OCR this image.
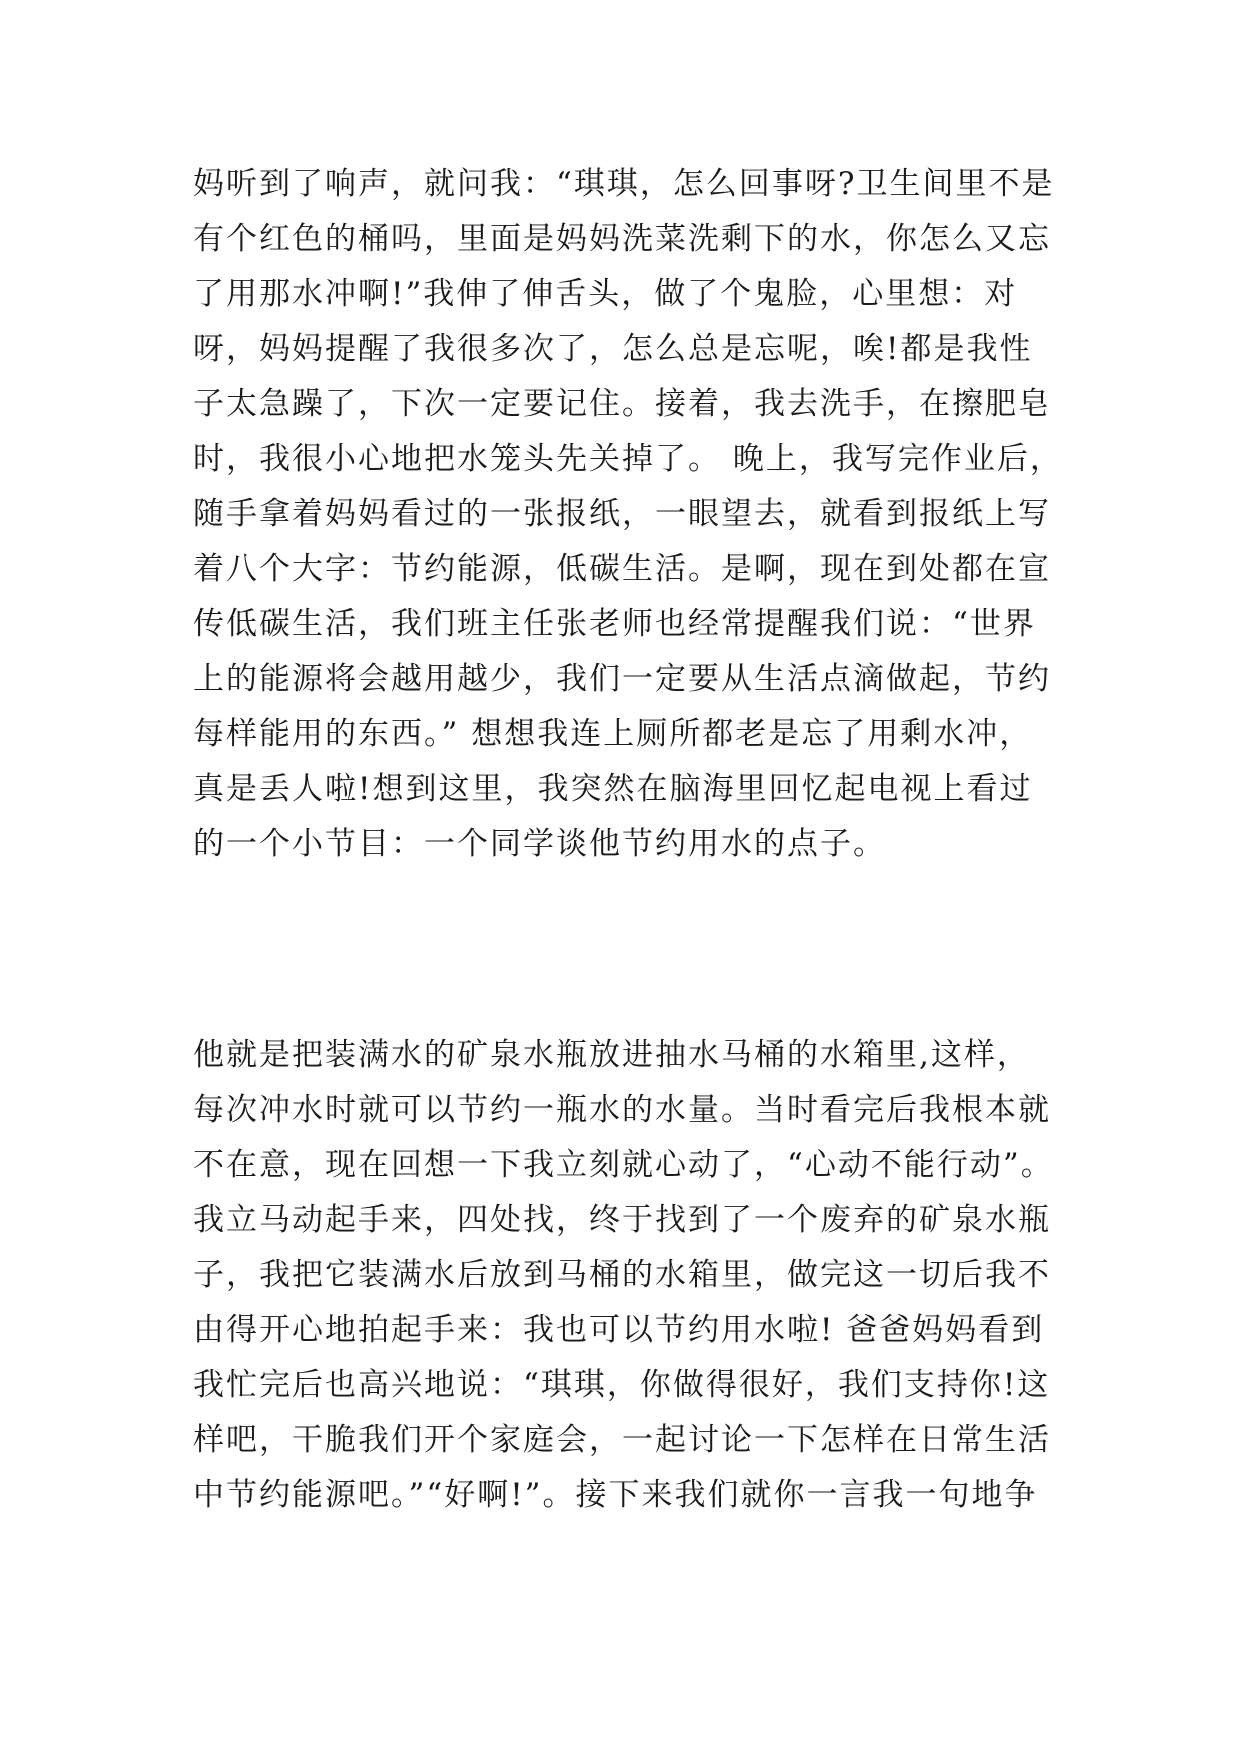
妈听到了响声，就问我：“琪琪，怎么回事呀?卫生间里不是
有个红色的桶吗，里面是妈妈洗菜洗剩下的水，你怎么又忘
了用那水冲啊!”我伸了伸舌头，做了个鬼脸，心里想：对
呀，妈妈提醒了我很多次了，怎么总是忘呢，唉!都是我性
子太急躁了，下次一定要记住。接着，我去洗手，在擦肥皂
时，我很小心地把水笼头先关掉了。 晚上，我写完作业后，
随手拿着妈妈看过的一张报纸，一眼望去，就看到报纸上写
着八个大字：节约能源，低碳生活。是啊，现在到处都在宣
传低碳生活，我们班主任张老师也经常提醒我们说：“世界
上的能源将会越用越少，我们一定要从生活点滴做起，节约
每样能用的东西。” 想想我连上厕所都老是忘了用剩水冲，
真是丢人啦!想到这里，我突然在脑海里回忆起电视上看过
的一个小节目：一个同学谈他节约用水的点子。
他就是把装满水的矿泉水瓶放进抽水马桶的水箱里,这样，
每次冲水时就可以节约一瓶水的水量。当时看完后我根本就
不在意，现在回想一下我立刻就心动了，“心动不能行动”。
我立马动起手来，四处找，终于找到了一个废弃的矿泉水瓶
子，我把它装满水后放到马桶的水箱里，做完这一切后我不
由得开心地拍起手来：我也可以节约用水啦! 爸爸妈妈看到
我忙完后也高兴地说：“琪琪，你做得很好，我们支持你!这
样吧，干脆我们开个家庭会，一起讨论一下怎样在日常生活
中节约能源吧。”“好啊!”。接下来我们就你一言我一句地争
